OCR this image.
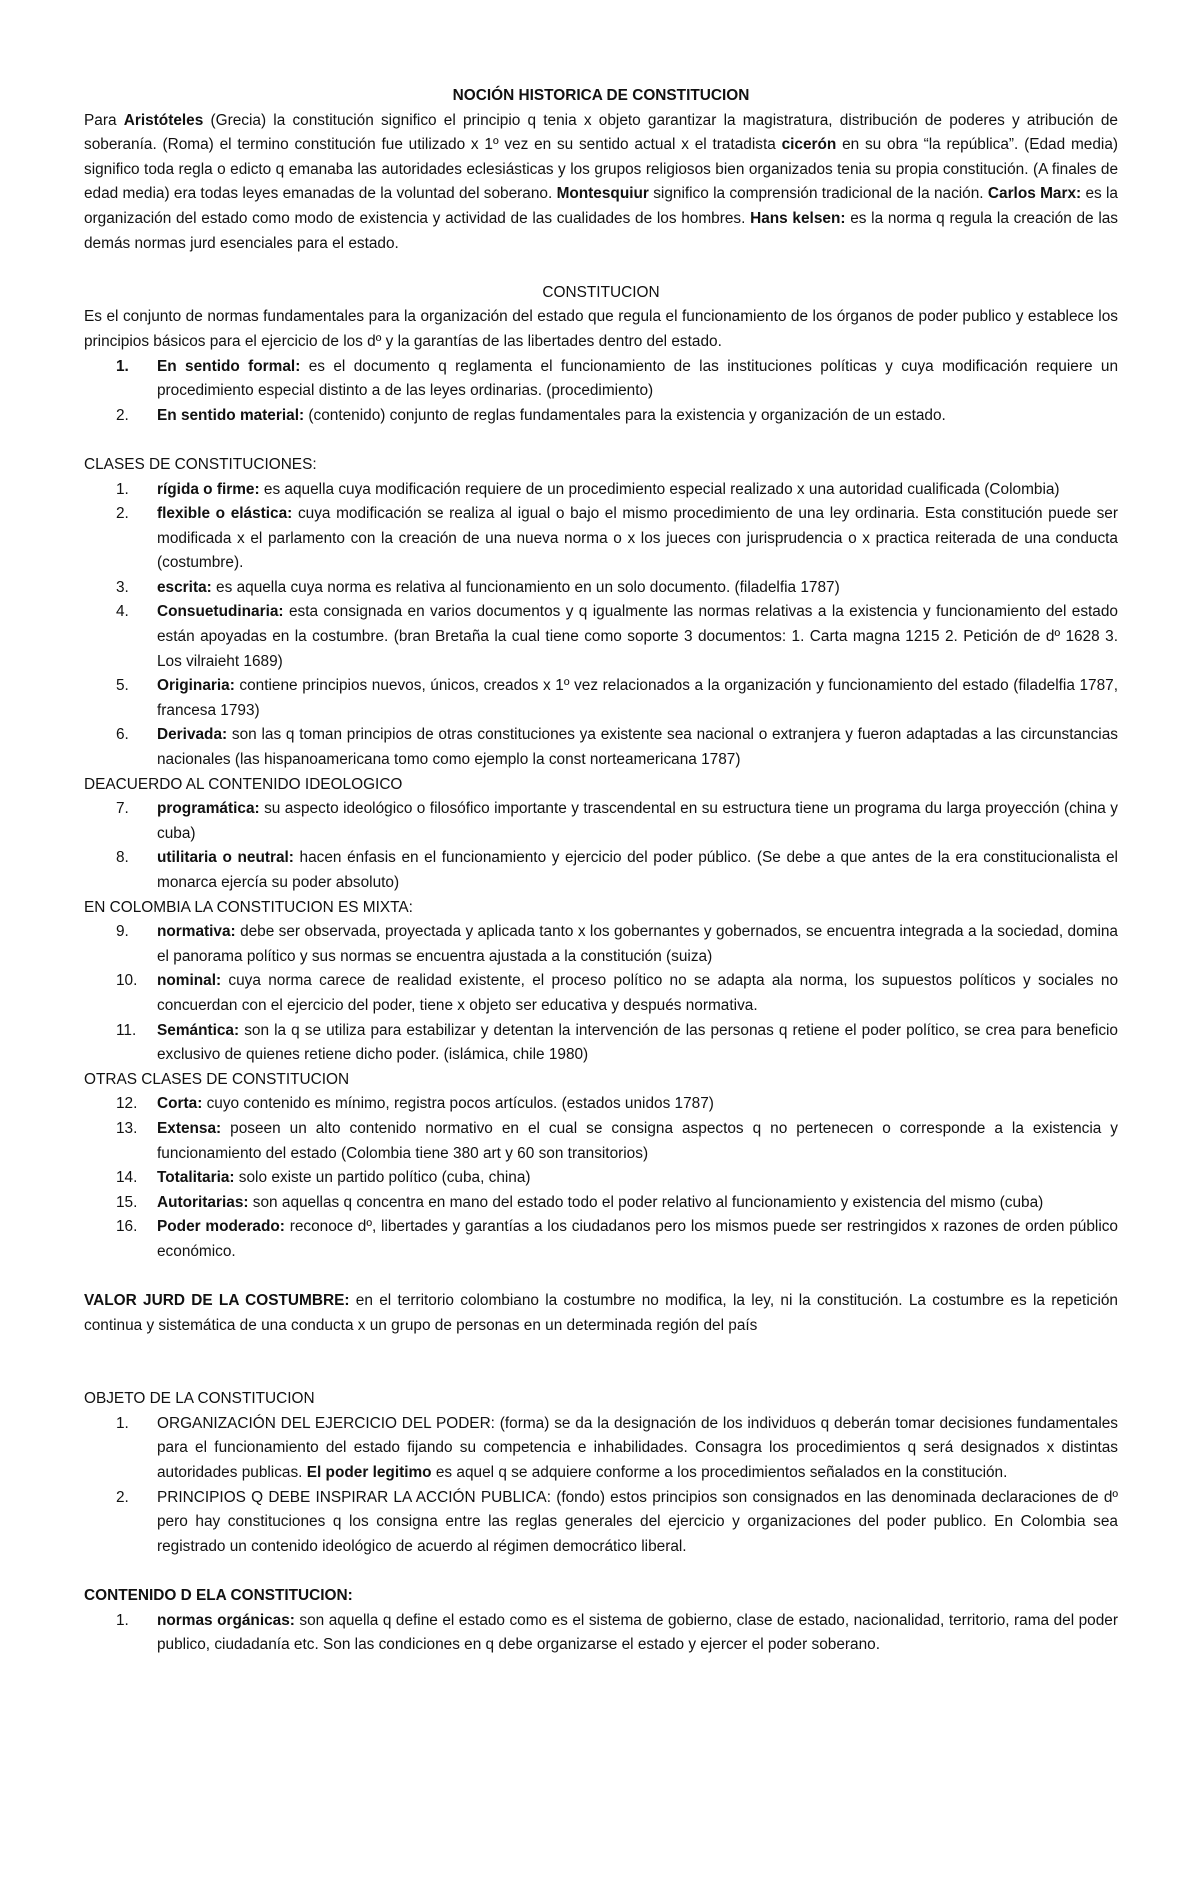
NOCIÓN HISTORICA DE CONSTITUCION

Para Aristóteles (Grecia) la constitución significo el principio q tenia x objeto garantizar la magistratura, distribución de poderes y atribución de soberanía. (Roma) el termino constitución fue utilizado x 1º vez en su sentido actual x el tratadista cicerón en su obra “la república”. (Edad media) significo toda regla o edicto q emanaba las autoridades eclesiásticas y los grupos religiosos bien organizados tenia su propia constitución. (A finales de edad media) era todas leyes emanadas de la voluntad del soberano. Montesquiur significo la comprensión tradicional de la nación. Carlos Marx: es la organización del estado como modo de existencia y actividad de las cualidades de los hombres. Hans kelsen: es la norma q regula la creación de las demás normas jurd esenciales para el estado.

CONSTITUCION

Es el conjunto de normas fundamentales para la organización del estado que regula el funcionamiento de los órganos de poder publico y establece los principios básicos para el ejercicio de los dº y la garantías de las libertades dentro del estado.

1. En sentido formal: es el documento q reglamenta el funcionamiento de las instituciones políticas y cuya modificación requiere un procedimiento especial distinto a de las leyes ordinarias. (procedimiento)
2. En sentido material: (contenido) conjunto de reglas fundamentales para la existencia y organización de un estado.
CLASES DE CONSTITUCIONES:
1. rígida o firme: es aquella cuya modificación requiere de un procedimiento especial realizado x una autoridad cualificada (Colombia)
2. flexible o elástica: cuya modificación se realiza al igual o bajo el mismo procedimiento de una ley ordinaria. Esta constitución puede ser modificada x el parlamento con la creación de una nueva norma o x los jueces con jurisprudencia o x practica reiterada de una conducta (costumbre).
3. escrita: es aquella cuya norma es relativa al funcionamiento en un solo documento. (filadelfia 1787)
4. Consuetudinaria: esta consignada en varios documentos y q igualmente las normas relativas a la existencia y funcionamiento del estado están apoyadas en la costumbre. (bran Bretaña la cual tiene como soporte 3 documentos: 1. Carta magna 1215 2. Petición de dº 1628 3. Los vilraieht 1689)
5. Originaria: contiene principios nuevos, únicos, creados x 1º vez relacionados a la organización y funcionamiento del estado (filadelfia 1787, francesa 1793)
6. Derivada: son las q toman principios de otras constituciones ya existente sea nacional o extranjera y fueron adaptadas a las circunstancias nacionales (las hispanoamericana tomo como ejemplo la const norteamericana 1787)
DEACUERDO AL CONTENIDO IDEOLOGICO
7. programática: su aspecto ideológico o filosófico importante y trascendental en su estructura tiene un programa du larga proyección (china y cuba)
8. utilitaria o neutral: hacen énfasis en el funcionamiento y ejercicio del poder público. (Se debe a que antes de la era constitucionalista el monarca ejercía su poder absoluto)
EN COLOMBIA LA CONSTITUCION ES MIXTA:
9. normativa: debe ser observada, proyectada y aplicada tanto x los gobernantes y gobernados, se encuentra integrada a la sociedad, domina el panorama político y sus normas se encuentra ajustada a la constitución (suiza)
10. nominal: cuya norma carece de realidad existente, el proceso político no se adapta ala norma, los supuestos políticos y sociales no concuerdan con el ejercicio del poder, tiene x objeto ser educativa y después normativa.
11. Semántica: son la q se utiliza para estabilizar y detentan la intervención de las personas q retiene el poder político, se crea para beneficio exclusivo de quienes retiene dicho poder. (islámica, chile 1980)
OTRAS CLASES DE CONSTITUCION
12. Corta: cuyo contenido es mínimo, registra pocos artículos. (estados unidos 1787)
13. Extensa: poseen un alto contenido normativo en el cual se consigna aspectos q no pertenecen o corresponde a la existencia y funcionamiento del estado (Colombia tiene 380 art y 60 son transitorios)
14. Totalitaria: solo existe un partido político (cuba, china)
15. Autoritarias: son aquellas q concentra en mano del estado todo el poder relativo al funcionamiento y existencia del mismo (cuba)
16. Poder moderado: reconoce dº, libertades y garantías a los ciudadanos pero los mismos puede ser restringidos x razones de orden público económico.

VALOR JURD DE LA COSTUMBRE: en el territorio colombiano la costumbre no modifica, la ley, ni la constitución. La costumbre es la repetición continua y sistemática de una conducta x un grupo de personas en un determinada región del país

OBJETO DE LA CONSTITUCION
1. ORGANIZACIÓN DEL EJERCICIO DEL PODER: (forma) se da la designación de los individuos q deberán tomar decisiones fundamentales para el funcionamiento del estado fijando su competencia e inhabilidades. Consagra los procedimientos q será designados x distintas autoridades publicas. El poder legitimo es aquel q se adquiere conforme a los procedimientos señalados en la constitución.
2. PRINCIPIOS Q DEBE INSPIRAR LA ACCIÓN PUBLICA: (fondo) estos principios son consignados en las denominada declaraciones de dº pero hay constituciones q los consigna entre las reglas generales del ejercicio y organizaciones del poder publico. En Colombia sea registrado un contenido ideológico de acuerdo al régimen democrático liberal.
CONTENIDO D ELA CONSTITUCION:
1. normas orgánicas: son aquella q define el estado como es el sistema de gobierno, clase de estado, nacionalidad, territorio, rama del poder publico, ciudadanía etc. Son las condiciones en q debe organizarse el estado y ejercer el poder soberano.
